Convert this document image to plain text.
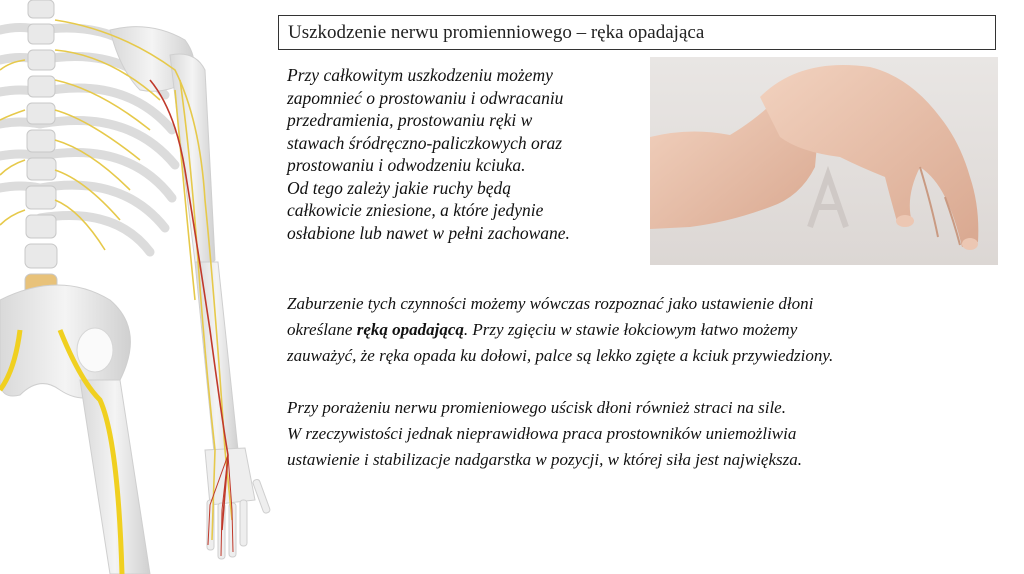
Uszkodzenie nerwu promienniowego – ręka opadająca

Przy całkowitym uszkodzeniu możemy

zapomnieć o prostowaniu i odwracaniu

przedramienia, prostowaniu ręki w

stawach śródręczno-paliczkowych oraz

prostowaniu i odwodzeniu kciuka.

Od tego zależy jakie ruchy będą

całkowicie zniesione, a które jedynie

osłabione lub nawet w pełni zachowane.

Zaburzenie tych czynności możemy wówczas rozpoznać jako ustawienie dłoni

określane ręką opadającą. Przy zgięciu w stawie łokciowym łatwo możemy

zauważyć, że ręka opada ku dołowi, palce są lekko zgięte a kciuk przywiedziony.

Przy porażeniu nerwu promieniowego uścisk dłoni również straci na sile.

W rzeczywistości jednak nieprawidłowa praca prostowników uniemożliwia

ustawienie i stabilizacje nadgarstka w pozycji, w której siła jest największa.
